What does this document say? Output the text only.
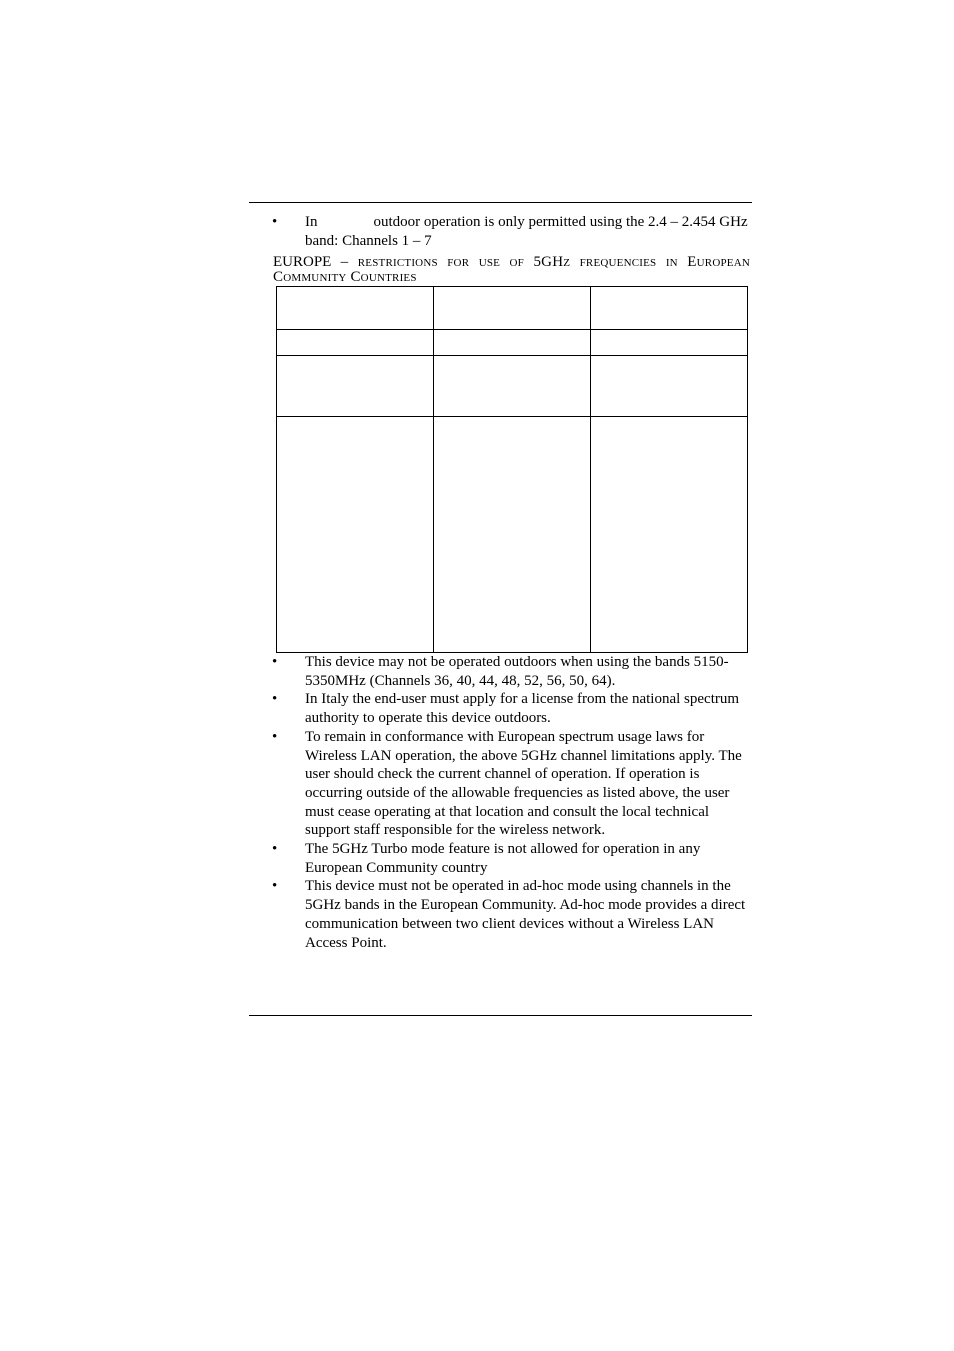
• In	outdoor operation is only permitted using the 2.4 – 2.454 GHz band: Channels 1 – 7
EUROPE – restrictions for use of 5GHz frequencies in European Community Countries

• This device may not be operated outdoors when using the bands 5150-5350MHz (Channels 36, 40, 44, 48, 52, 56, 50, 64).
• In Italy the end-user must apply for a license from the national spectrum authority to operate this device outdoors.
• To remain in conformance with European spectrum usage laws for Wireless LAN operation, the above 5GHz channel limitations apply. The user should check the current channel of operation. If operation is occurring outside of the allowable frequencies as listed above, the user must cease operating at that location and consult the local technical support staff responsible for the wireless network.
• The 5GHz Turbo mode feature is not allowed for operation in any European Community country
• This device must not be operated in ad-hoc mode using channels in the 5GHz bands in the European Community. Ad-hoc mode provides a direct communication between two client devices without a Wireless LAN Access Point.
